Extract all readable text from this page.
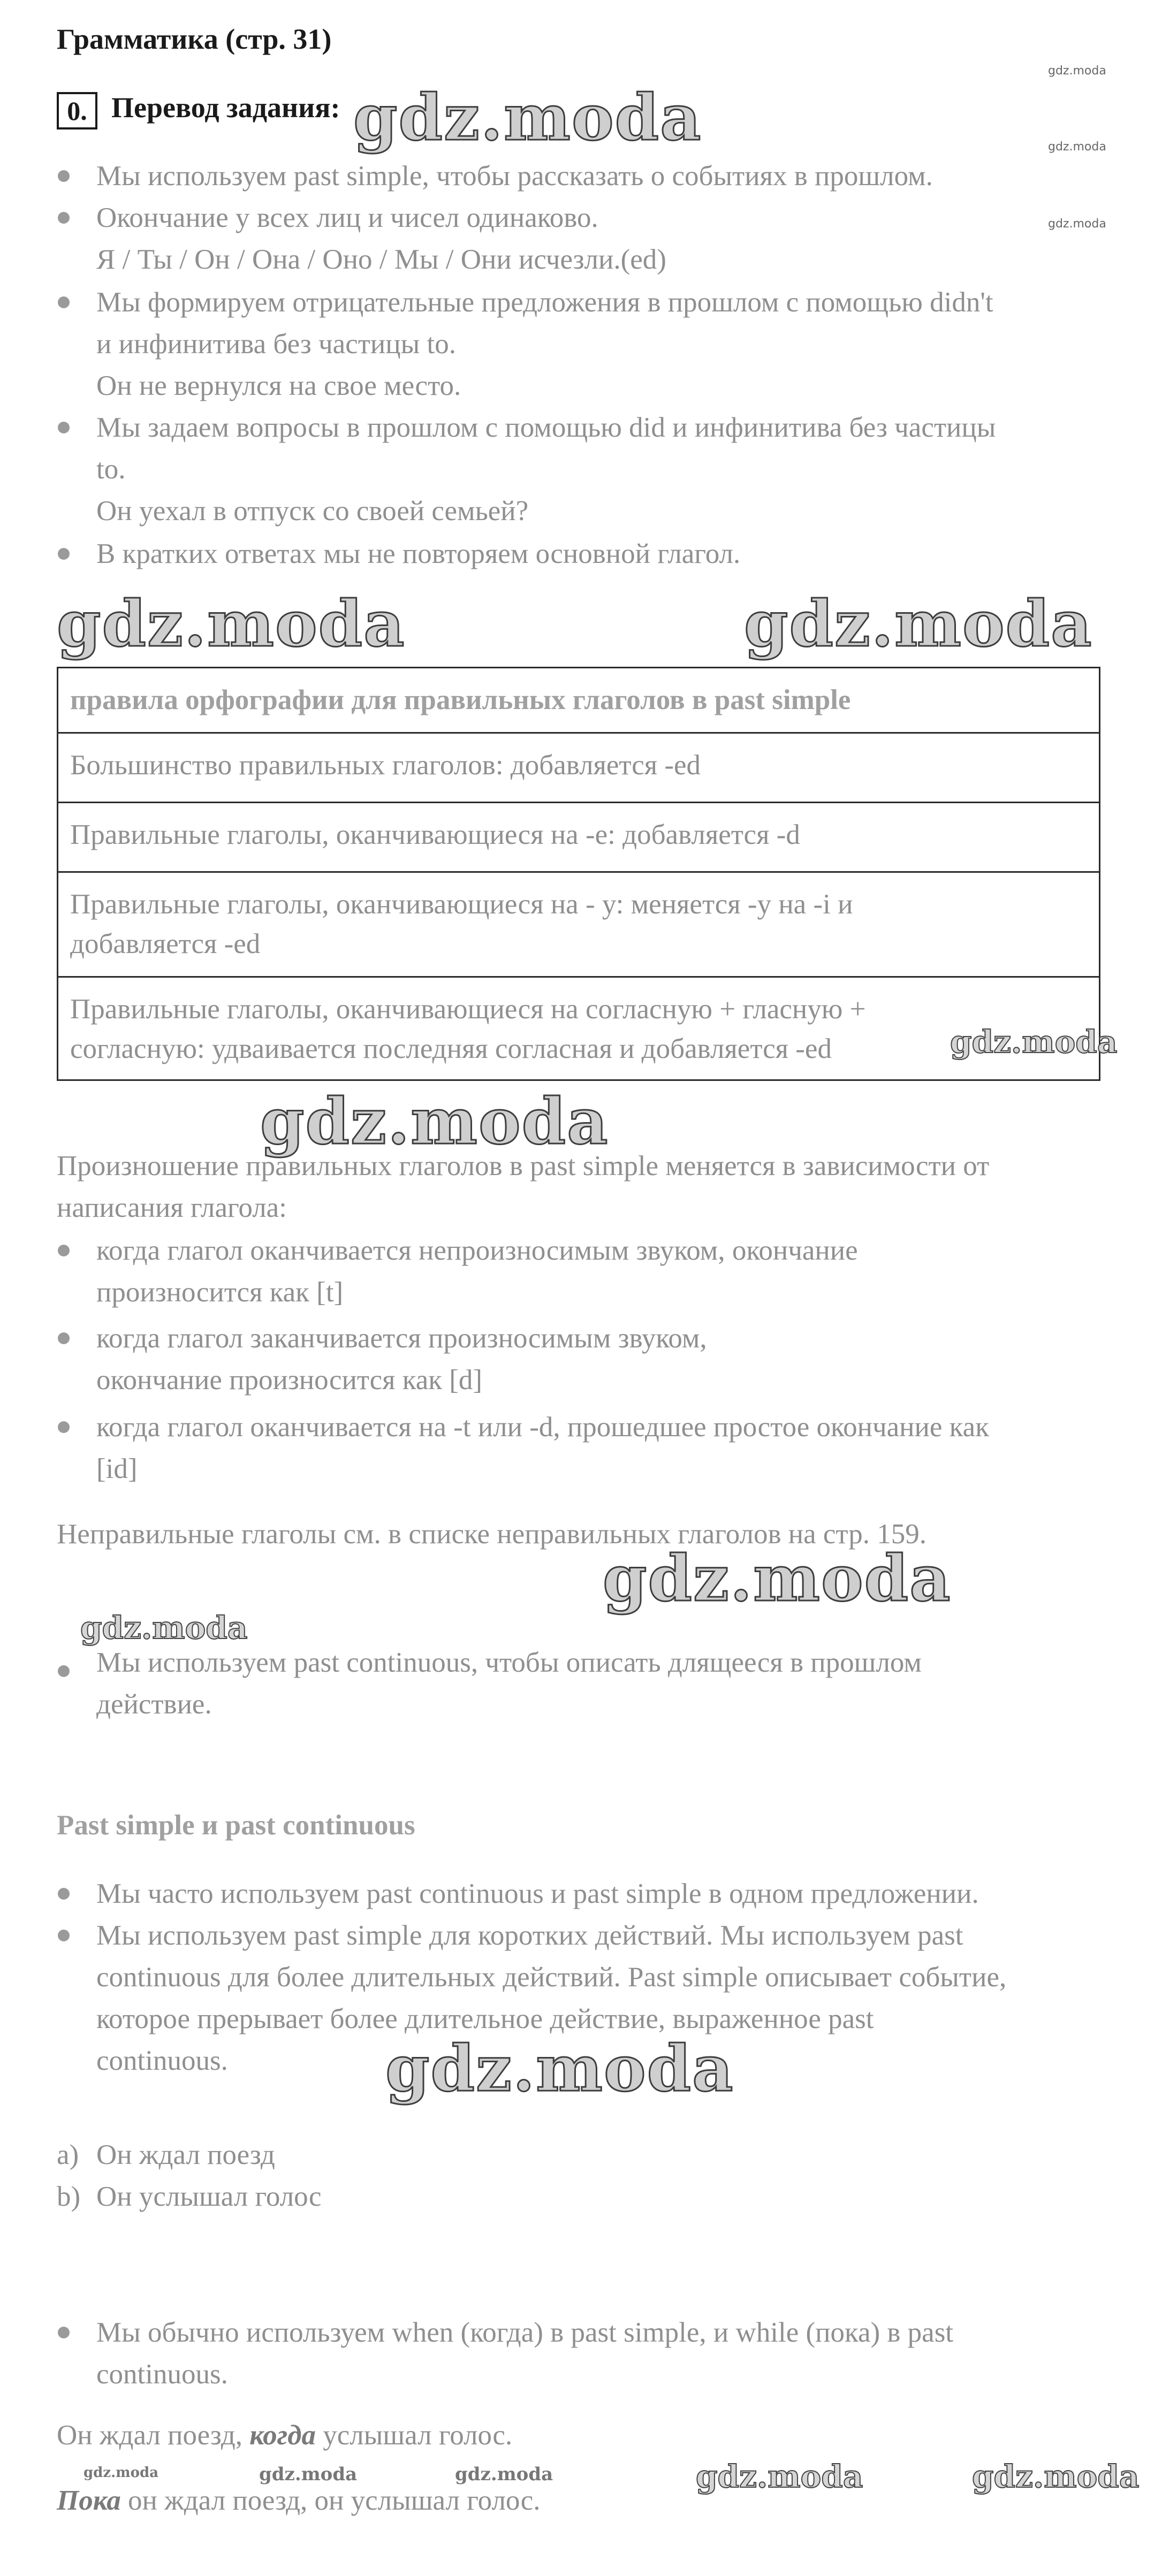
Грамматика (стр. 31)
gdz.moda
0. Перевод задания: gdz.moda	gdz.moda
gdz.moda
Мы используем past simple, чтобы рассказать о событиях в прошлом.
Окончание у всех лиц и чисел одинаково.
Я / Ты / Он / Она / Оно / Мы / Они исчезли.(ed)
Мы формируем отрицательные предложения в прошлом с помощью didn't
и инфинитива без частицы to.
Он не вернулся на свое место.
Мы задаем вопросы в прошлом с помощью did и инфинитива без частицы
to.
Он уехал в отпуск со своей семьей?
В кратких ответах мы не повторяем основной глагол.
gdz.moda	gdz.moda
правила орфографии для правильных глаголов в past simple
Большинство правильных глаголов: добавляется -ed
Правильные глаголы, оканчивающиеся на -е: добавляется -d
Правильные глаголы, оканчивающиеся на - у: меняется -у на -i и
добавляется -ed
Правильные глаголы, оканчивающиеся на согласную + гласную +
согласную: удваивается последняя согласная и добавляется -ed	gdz.moda
gdz.moda
Произношение правильных глаголов в past simple меняется в зависимости от
написания глагола:
когда глагол оканчивается непроизносимым звуком, окончание
произносится как [t]
когда глагол заканчивается произносимым звуком,
окончание произносится как [d]
когда глагол оканчивается на -t или -d, прошедшее простое окончание как
[id]
Неправильные глаголы см. в списке неправильных глаголов на стр. 159.
gdz.moda
gdz.moda
Мы используем past continuous, чтобы описать длящееся в прошлом
действие.
Past simple и past continuous
Мы часто используем past continuous и past simple в одном предложении.
Мы используем past simple для коротких действий. Мы используем past
continuous для более длительных действий. Past simple описывает событие,
которое прерывает более длительное действие, выраженное past
continuous. gdz.moda
a) Он ждал поезд
b) Он услышал голос
Мы обычно используем when (когда) в past simple, и while (пока) в past
continuous.
Он ждал поезд, когда услышал голос.
gdz.moda	gdz.moda	gdz.moda	gdz.moda	gdz.moda
Пока он ждал поезд, он услышал голос.
